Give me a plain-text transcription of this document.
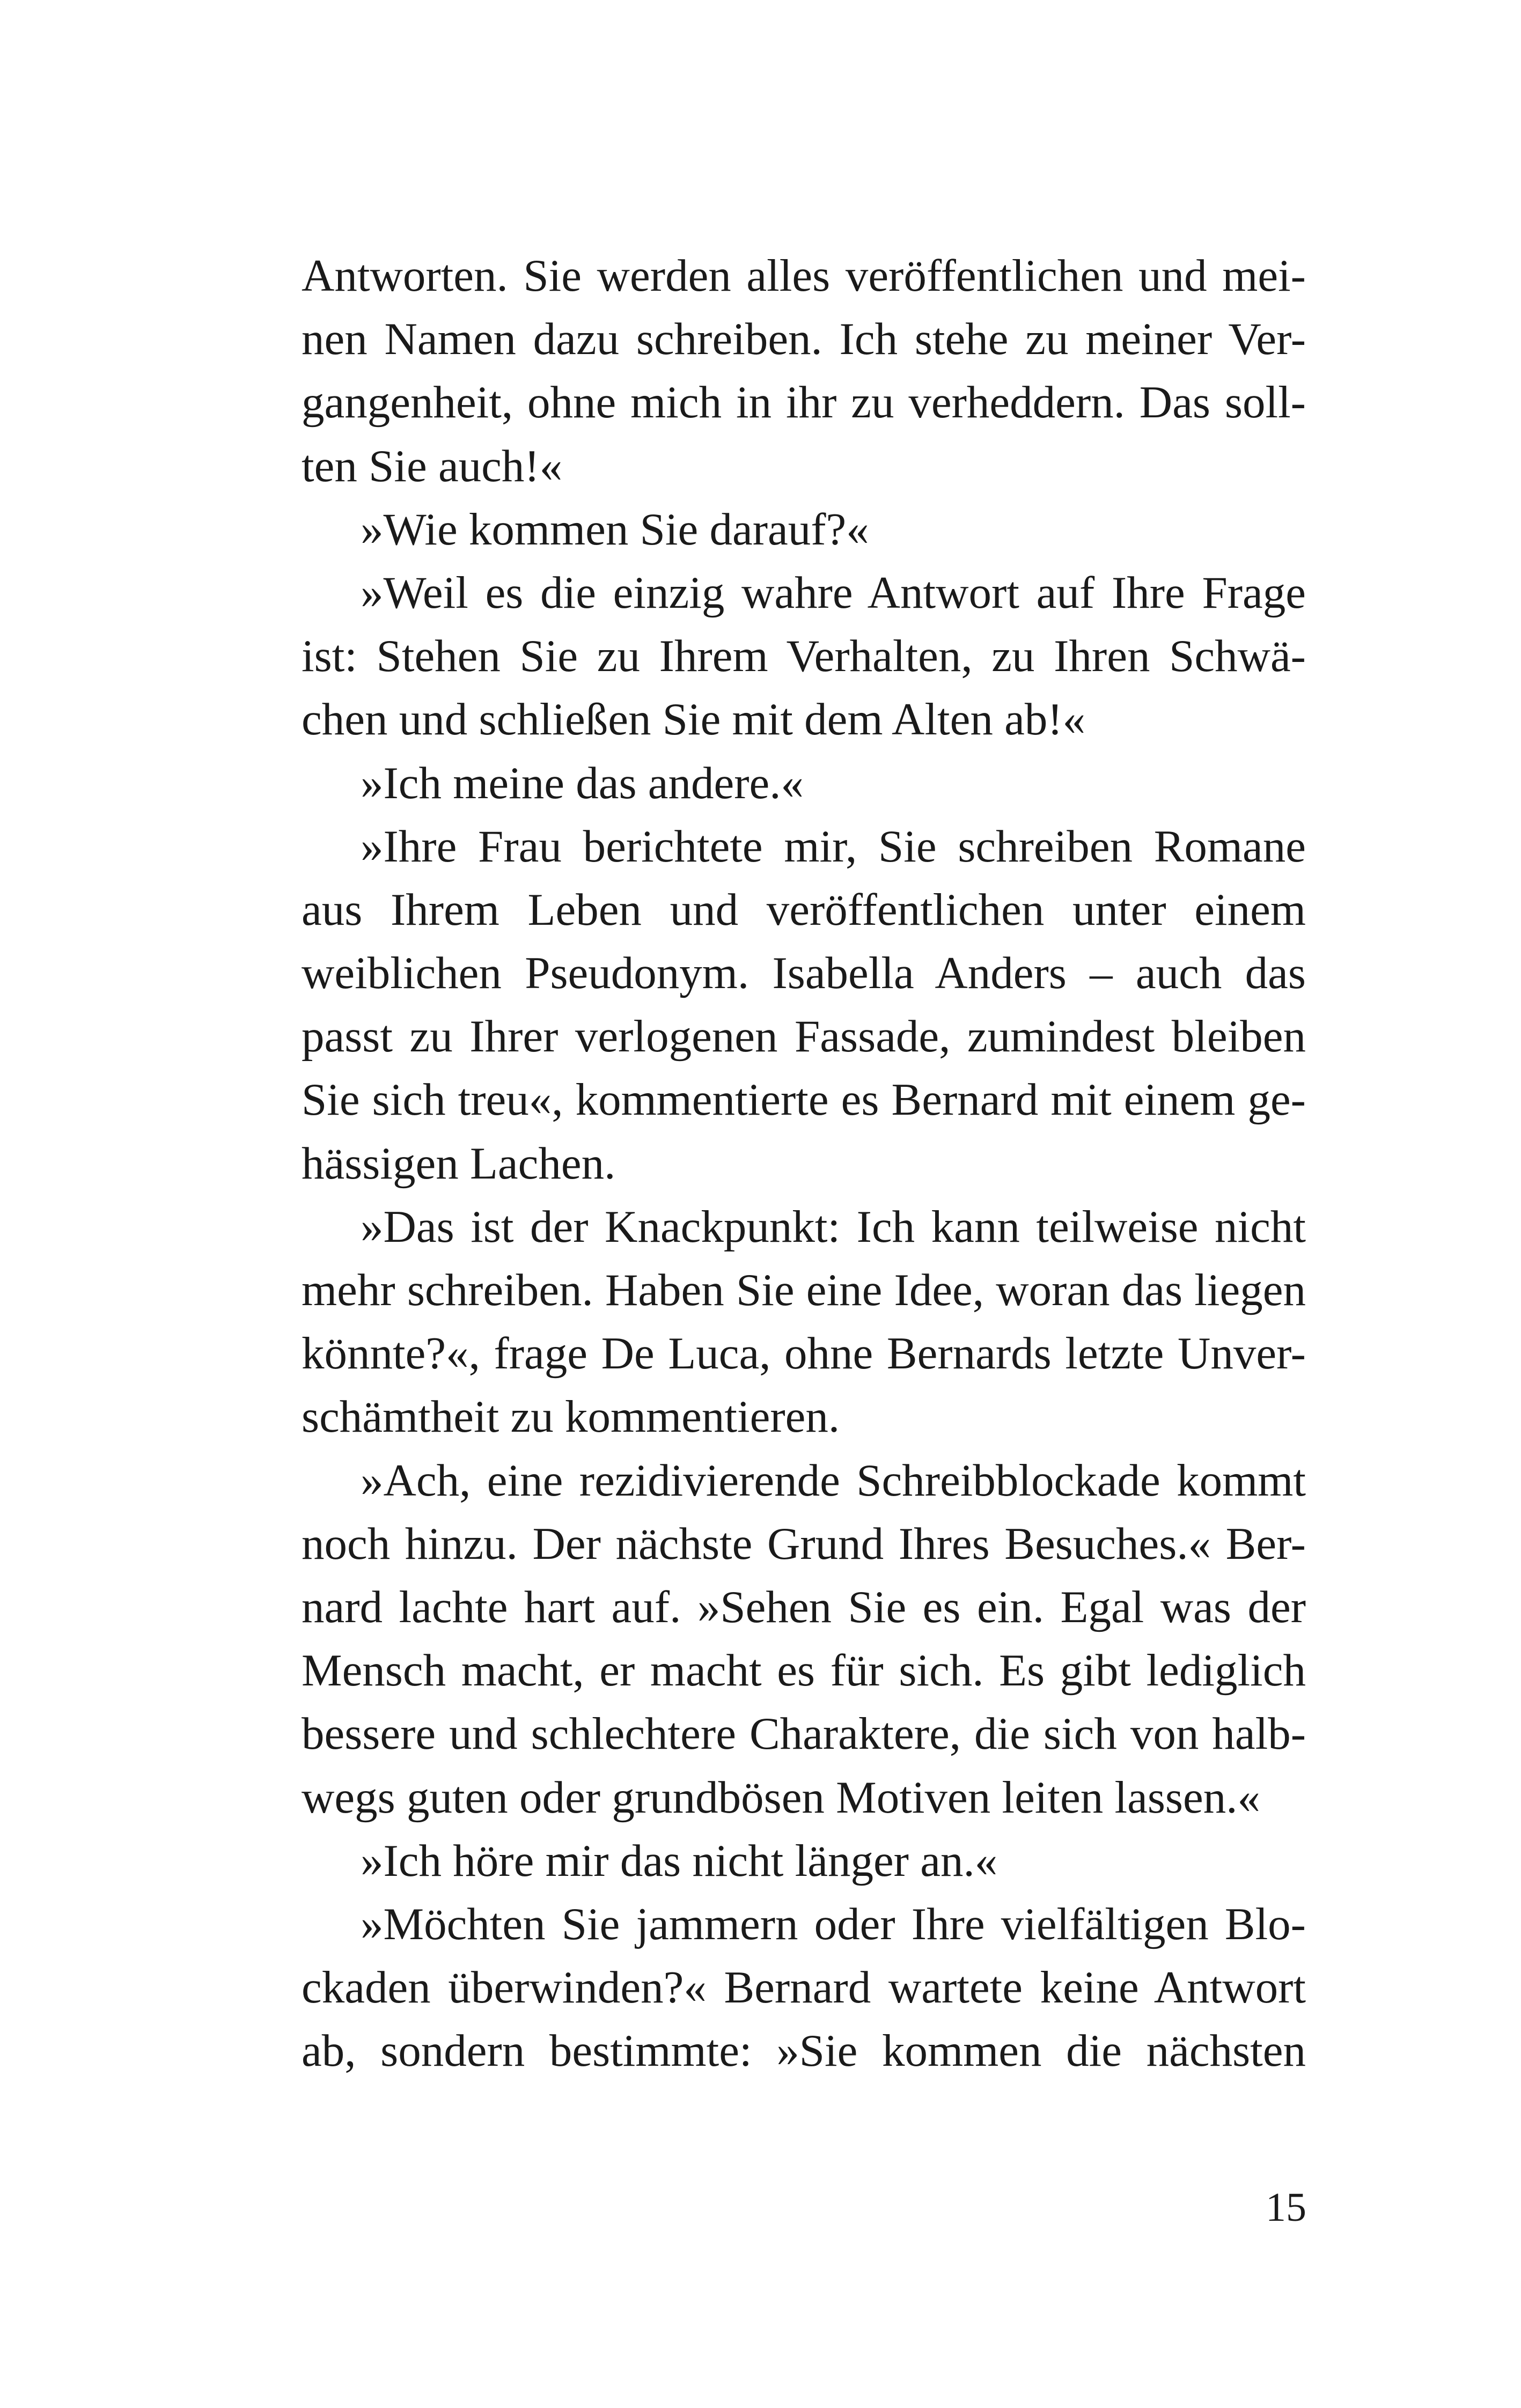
Antworten. Sie werden alles veröffentlichen und mei-
nen Namen dazu schreiben. Ich stehe zu meiner Ver-
gangenheit, ohne mich in ihr zu verheddern. Das soll-
ten Sie auch!«
»Wie kommen Sie darauf?«
»Weil es die einzig wahre Antwort auf Ihre Frage
ist: Stehen Sie zu Ihrem Verhalten, zu Ihren Schwä-
chen und schließen Sie mit dem Alten ab!«
»Ich meine das andere.«
»Ihre Frau berichtete mir, Sie schreiben Romane
aus Ihrem Leben und veröffentlichen unter einem
weiblichen Pseudonym. Isabella Anders – auch das
passt zu Ihrer verlogenen Fassade, zumindest bleiben
Sie sich treu«, kommentierte es Bernard mit einem ge-
hässigen Lachen.
»Das ist der Knackpunkt: Ich kann teilweise nicht
mehr schreiben. Haben Sie eine Idee, woran das liegen
könnte?«, frage De Luca, ohne Bernards letzte Unver-
schämtheit zu kommentieren.
»Ach, eine rezidivierende Schreibblockade kommt
noch hinzu. Der nächste Grund Ihres Besuches.« Ber-
nard lachte hart auf. »Sehen Sie es ein. Egal was der
Mensch macht, er macht es für sich. Es gibt lediglich
bessere und schlechtere Charaktere, die sich von halb-
wegs guten oder grundbösen Motiven leiten lassen.«
»Ich höre mir das nicht länger an.«
»Möchten Sie jammern oder Ihre vielfältigen Blo-
ckaden überwinden?« Bernard wartete keine Antwort
ab, sondern bestimmte: »Sie kommen die nächsten
15
